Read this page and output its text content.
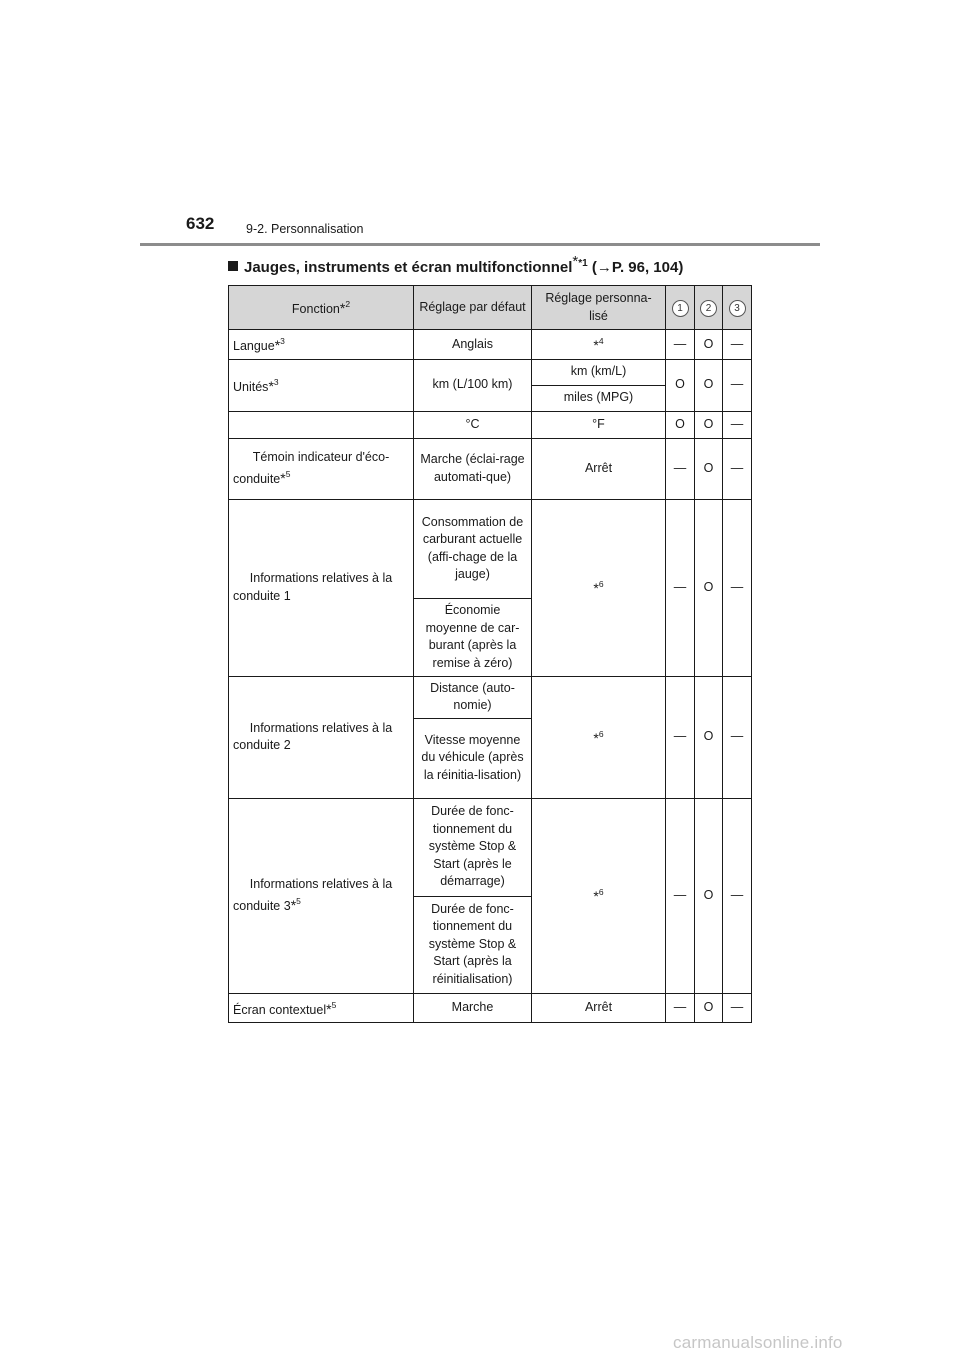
632	9-2. Personnalisation
Jauges, instruments et écran multifonctionnel$^{**1}$ (→P. 96, 104)
Fonction*$^2$	Réglage par défaut	Réglage personna-lisé	1	2	3
Langue*$^3$	Anglais	*$^4$	—	O	—
Unités*$^3$	km (L/100 km)	km (km/L)	O	O	—
		miles (MPG)			
	°C	°F	O	O	—
Témoin indicateur d'éco-conduite*$^5$	Marche (éclai-rage automati-que)	Arrêt	—	O	—
Informations relatives à la conduite 1	Consommation de carburant actuelle (affi-chage de la jauge)	*$^6$	—	O	—
	Économie moyenne de car-burant (après la remise à zéro)				
Informations relatives à la conduite 2	Distance (auto-nomie)	*$^6$	—	O	—
	Vitesse moyenne du véhicule (après la réinitia-lisation)				
Informations relatives à la conduite 3*$^5$	Durée de fonc-tionnement du système Stop & Start (après le démarrage)	*$^6$	—	O	—
	Durée de fonc-tionnement du système Stop & Start (après la réinitialisation)				
Écran contextuel*$^5$	Marche	Arrêt	—	O	—
carmanualsonline.info
